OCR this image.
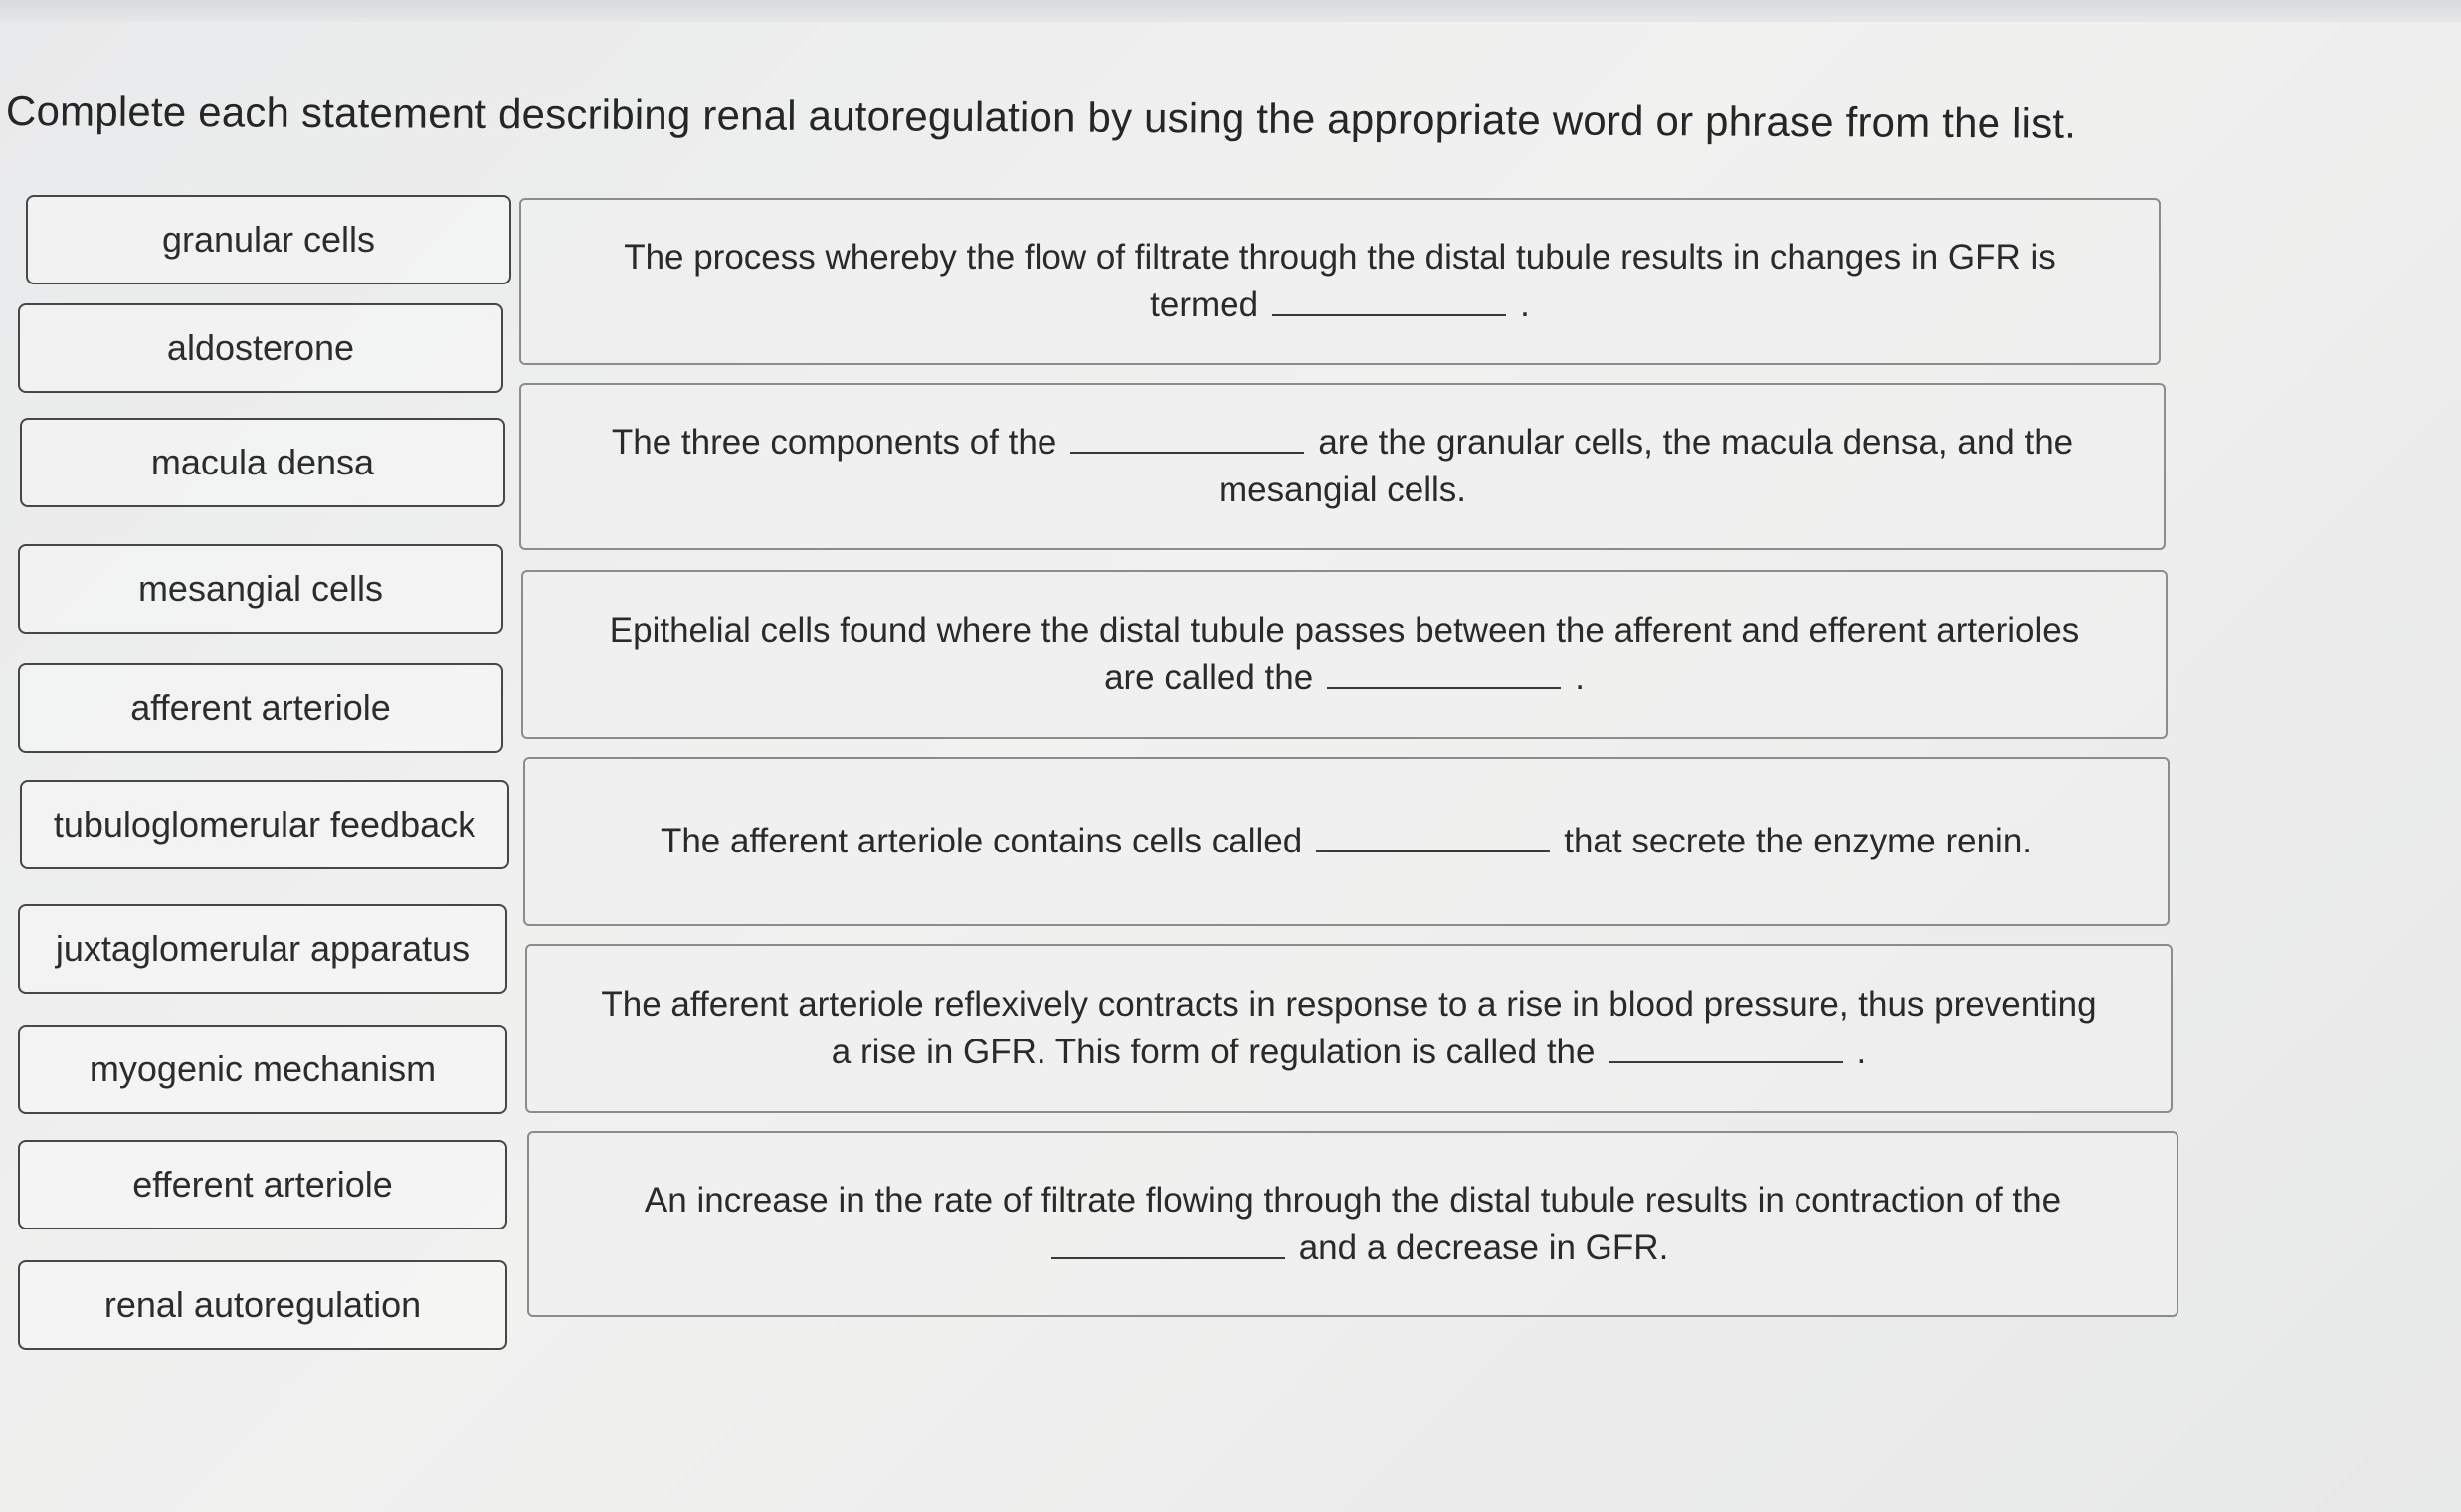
Complete each statement describing renal autoregulation by using the appropriate word or phrase from the list.
granular cells
aldosterone
macula densa
mesangial cells
afferent arteriole
tubuloglomerular feedback
juxtaglomerular apparatus
myogenic mechanism
efferent arteriole
renal autoregulation
The process whereby the flow of filtrate through the distal tubule results in changes in GFR is termed	.
The three components of the	are the granular cells, the macula densa, and the mesangial cells.
Epithelial cells found where the distal tubule passes between the afferent and efferent arterioles are called the	.
The afferent arteriole contains cells called	that secrete the enzyme renin.
The afferent arteriole reflexively contracts in response to a rise in blood pressure, thus preventing a rise in GFR. This form of regulation is called the	.
An increase in the rate of filtrate flowing through the distal tubule results in contraction of theand a decrease in GFR.
